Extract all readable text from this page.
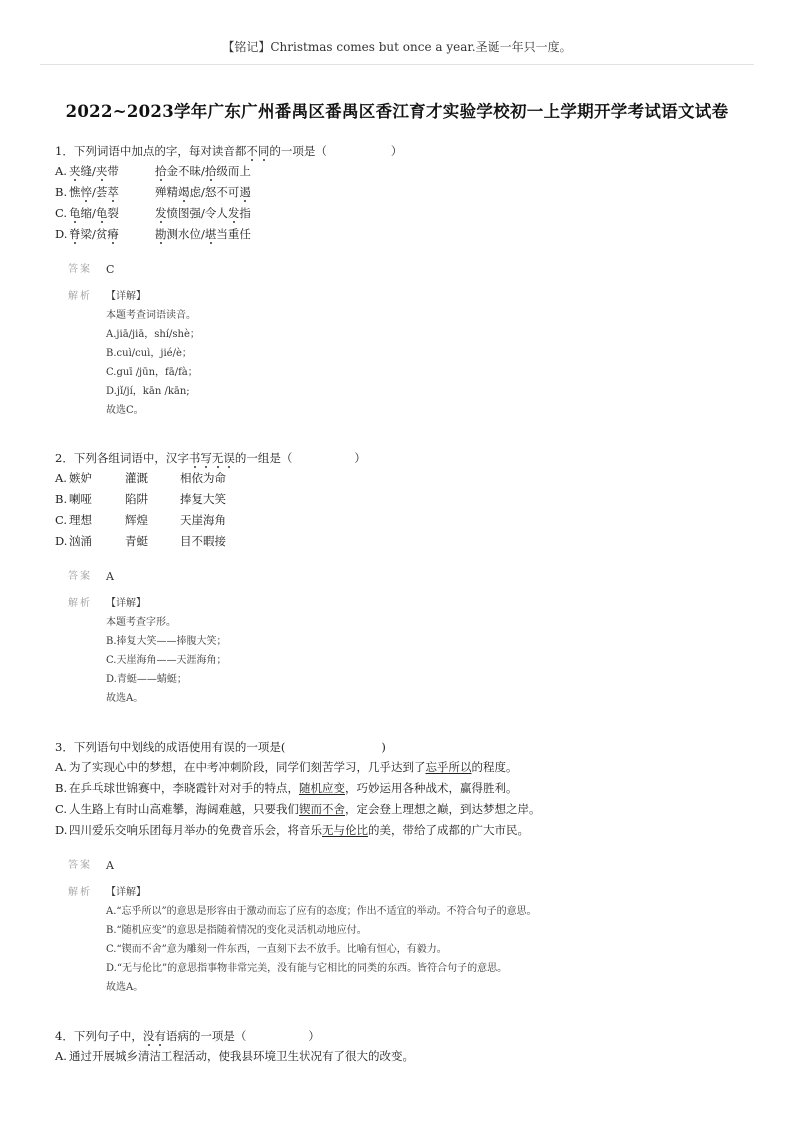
【铭记】Christmas comes but once a year.圣诞一年只一度。
2022~2023学年广东广州番禺区番禺区香江育才实验学校初一上学期开学考试语文试卷
1．下列词语中加点的字，每对读音都不同的一项是（	）
A. 夹缝/夹带	拾金不昧/拾级而上
B. 憔悴/荟萃	殚精竭虑/怒不可遏
C. 龟缩/龟裂	发愤图强/令人发指
D. 脊梁/贫瘠	勘测水位/堪当重任
答案 C
解析 【详解】
本题考查词语读音。
A.jiā/jiā，shí/shè；
B.cuì/cuì，jié/è；
C.guī /jūn，fā/fà；
D.jǐ/jí，kān /kān;
故选C。
2．下列各组词语中，汉字书写无误的一组是（	）
A. 嫉妒	灌溉	相依为命
B. 喇哑	陷阱	捧复大笑
C. 理想	辉煌	天崖海角
D. 汹涌	青蜓	目不暇接
答案 A
解析 【详解】
本题考查字形。
B.捧复大笑——捧腹大笑；
C.天崖海角——天涯海角；
D.青蜓——蜻蜓；
故选A。
3．下列语句中划线的成语使用有误的一项是(	)
A. 为了实现心中的梦想，在中考冲刺阶段，同学们刻苦学习，几乎达到了忘乎所以的程度。
B. 在乒乓球世锦赛中，李晓霞针对对手的特点，随机应变，巧妙运用各种战术，赢得胜利。
C. 人生路上有时山高难攀，海阔难越，只要我们锲而不舍，定会登上理想之巅，到达梦想之岸。
D. 四川爱乐交响乐团每月举办的免费音乐会，将音乐无与伦比的美，带给了成都的广大市民。
答案 A
解析 【详解】
A.“忘乎所以”的意思是形容由于激动而忘了应有的态度；作出不适宜的举动。不符合句子的意思。
B.“随机应变”的意思是指随着情况的变化灵活机动地应付。
C.“锲而不舍”意为雕刻一件东西，一直刻下去不放手。比喻有恒心，有毅力。
D.“无与伦比”的意思指事物非常完美，没有能与它相比的同类的东西。皆符合句子的意思。
故选A。
4．下列句子中，没有语病的一项是（	）
A. 通过开展城乡清洁工程活动，使我县环境卫生状况有了很大的改变。
